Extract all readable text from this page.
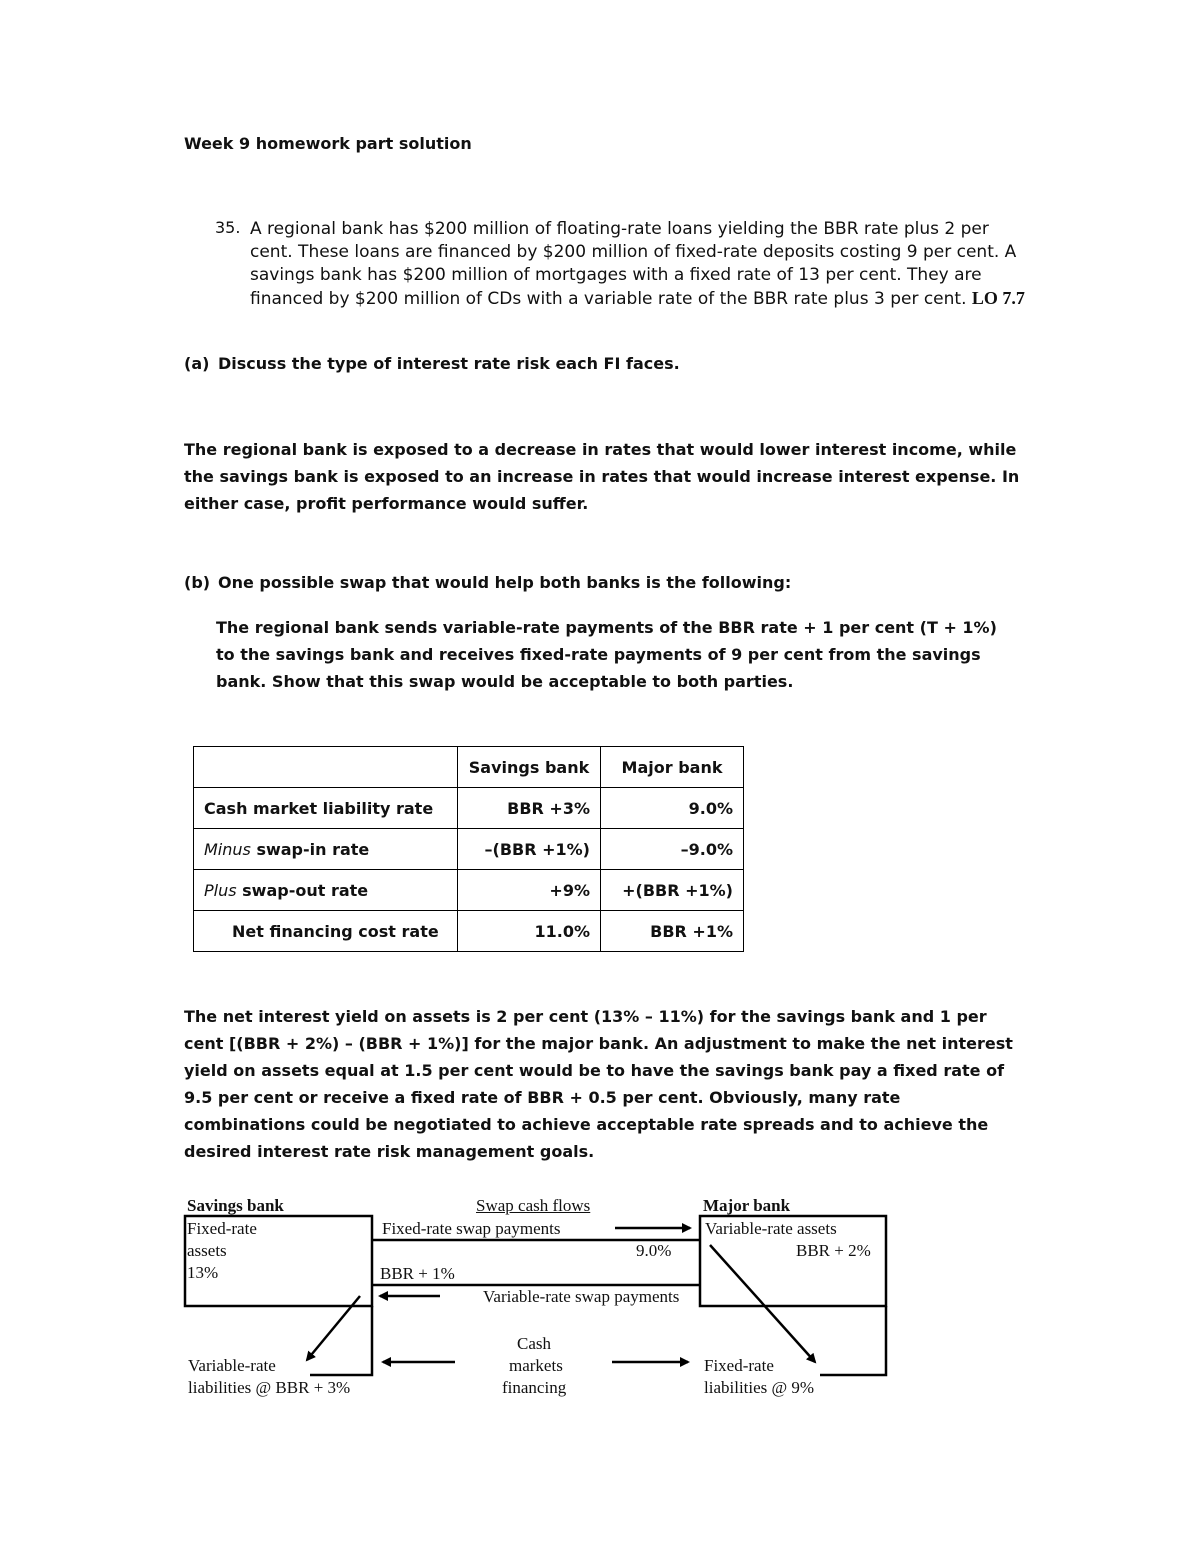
Week 9 homework part solution
35. A regional bank has $200 million of floating-rate loans yielding the BBR rate plus 2 per cent. These loans are financed by $200 million of fixed-rate deposits costing 9 per cent. A savings bank has $200 million of mortgages with a fixed rate of 13 per cent. They are financed by $200 million of CDs with a variable rate of the BBR rate plus 3 per cent. LO 7.7
(a) Discuss the type of interest rate risk each FI faces.
The regional bank is exposed to a decrease in rates that would lower interest income, while the savings bank is exposed to an increase in rates that would increase interest expense. In either case, profit performance would suffer.
(b) One possible swap that would help both banks is the following:
The regional bank sends variable-rate payments of the BBR rate + 1 per cent (T + 1%) to the savings bank and receives fixed-rate payments of 9 per cent from the savings bank. Show that this swap would be acceptable to both parties.
	Savings bank	Major bank
Cash market liability rate	BBR +3%	9.0%
Minus swap-in rate	–(BBR +1%)	–9.0%
Plus swap-out rate	+9%	+(BBR +1%)
Net financing cost rate	11.0%	BBR +1%
The net interest yield on assets is 2 per cent (13% – 11%) for the savings bank and 1 per cent [(BBR + 2%) – (BBR + 1%)] for the major bank. An adjustment to make the net interest yield on assets equal at 1.5 per cent would be to have the savings bank pay a fixed rate of 9.5 per cent or receive a fixed rate of BBR + 0.5 per cent. Obviously, many rate combinations could be negotiated to achieve acceptable rate spreads and to achieve the desired interest rate risk management goals.
Savings bank	Swap cash flows	Major bank
Fixed-rate
assets
13%
Fixed-rate swap payments
9.0%
BBR + 1%
Variable-rate swap payments
Variable-rate assets
BBR + 2%
Variable-rate
liabilities @ BBR + 3%
Cash
markets
financing
Fixed-rate
liabilities @ 9%
